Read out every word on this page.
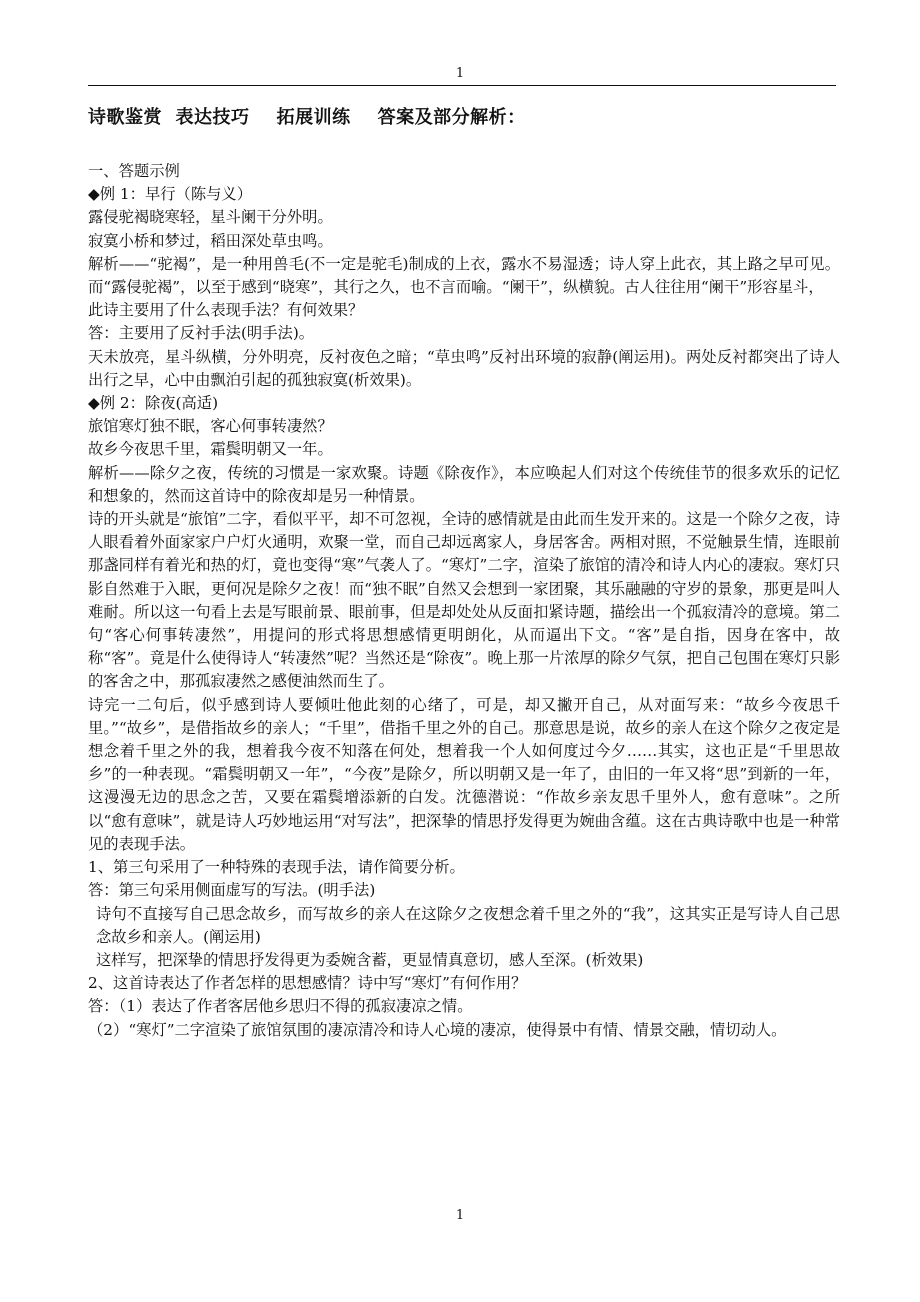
1
诗歌鉴赏  表达技巧    拓展训练    答案及部分解析：

一、答题示例

◆例 1：早行（陈与义）

露侵驼褐晓寒轻，星斗阑干分外明。

寂寞小桥和梦过，稻田深处草虫鸣。

解析——“驼褐”，是一种用兽毛(不一定是驼毛)制成的上衣，露水不易湿透；诗人穿上此衣，其上路之早可见。而“露侵驼褐”，以至于感到“晓寒”，其行之久，也不言而喻。“阑干”，纵横貌。古人往往用“阑干”形容星斗，

此诗主要用了什么表现手法？有何效果？

答：主要用了反衬手法(明手法)。

天未放亮，星斗纵横，分外明亮，反衬夜色之暗；“草虫鸣”反衬出环境的寂静(阐运用)。两处反衬都突出了诗人出行之早，心中由飘泊引起的孤独寂寞(析效果)。

◆例 2：除夜(高适)

旅馆寒灯独不眠，客心何事转凄然？

故乡今夜思千里，霜鬓明朝又一年。

解析——除夕之夜，传统的习惯是一家欢聚。诗题《除夜作》，本应唤起人们对这个传统佳节的很多欢乐的记忆和想象的，然而这首诗中的除夜却是另一种情景。

诗的开头就是“旅馆”二字，看似平平，却不可忽视，全诗的感情就是由此而生发开来的。这是一个除夕之夜，诗人眼看着外面家家户户灯火通明，欢聚一堂，而自己却远离家人，身居客舍。两相对照，不觉触景生情，连眼前那盏同样有着光和热的灯，竟也变得“寒”气袭人了。“寒灯”二字，渲染了旅馆的清冷和诗人内心的凄寂。寒灯只影自然难于入眠，更何况是除夕之夜！而“独不眠”自然又会想到一家团聚，其乐融融的守岁的景象，那更是叫人难耐。所以这一句看上去是写眼前景、眼前事，但是却处处从反面扣紧诗题，描绘出一个孤寂清冷的意境。第二句“客心何事转凄然”，用提问的形式将思想感情更明朗化，从而逼出下文。“客”是自指，因身在客中，故称“客”。竟是什么使得诗人“转凄然”呢？当然还是“除夜”。晚上那一片浓厚的除夕气氛，把自己包围在寒灯只影的客舍之中，那孤寂凄然之感便油然而生了。

诗完一二句后，似乎感到诗人要倾吐他此刻的心绪了，可是，却又撇开自己，从对面写来：“故乡今夜思千里。”“故乡”，是借指故乡的亲人；“千里”，借指千里之外的自己。那意思是说，故乡的亲人在这个除夕之夜定是想念着千里之外的我，想着我今夜不知落在何处，想着我一个人如何度过今夕……其实，这也正是“千里思故乡”的一种表现。“霜鬓明朝又一年”，“今夜”是除夕，所以明朝又是一年了，由旧的一年又将“思”到新的一年，这漫漫无边的思念之苦，又要在霜鬓增添新的白发。沈德潜说：“作故乡亲友思千里外人，愈有意味”。之所以“愈有意味”，就是诗人巧妙地运用“对写法”，把深挚的情思抒发得更为婉曲含蕴。这在古典诗歌中也是一种常见的表现手法。

1、第三句采用了一种特殊的表现手法，请作简要分析。

答：第三句采用侧面虚写的写法。(明手法)

诗句不直接写自己思念故乡，而写故乡的亲人在这除夕之夜想念着千里之外的“我”，这其实正是写诗人自己思念故乡和亲人。(阐运用)

这样写，把深挚的情思抒发得更为委婉含蓄，更显情真意切，感人至深。(析效果)

2、这首诗表达了作者怎样的思想感情？诗中写“寒灯”有何作用？

答：（1）表达了作者客居他乡思归不得的孤寂凄凉之情。

（2）“寒灯”二字渲染了旅馆氛围的凄凉清冷和诗人心境的凄凉，使得景中有情、情景交融，情切动人。

1
